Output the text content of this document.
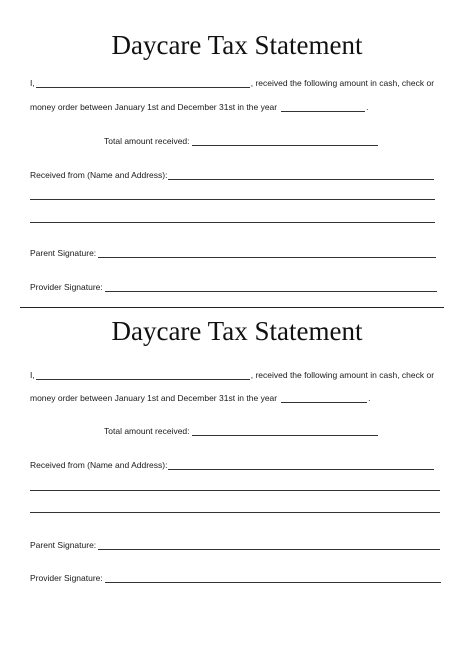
Daycare Tax Statement
I,	, received the following amount in cash, check or
money order between January 1st and December 31st in the year	.
Total amount received:
Received from (Name and Address):
Parent Signature:
Provider Signature:
Daycare Tax Statement
I,	, received the following amount in cash, check or
money order between January 1st and December 31st in the year	.
Total amount received:
Received from (Name and Address):
Parent Signature:
Provider Signature:
